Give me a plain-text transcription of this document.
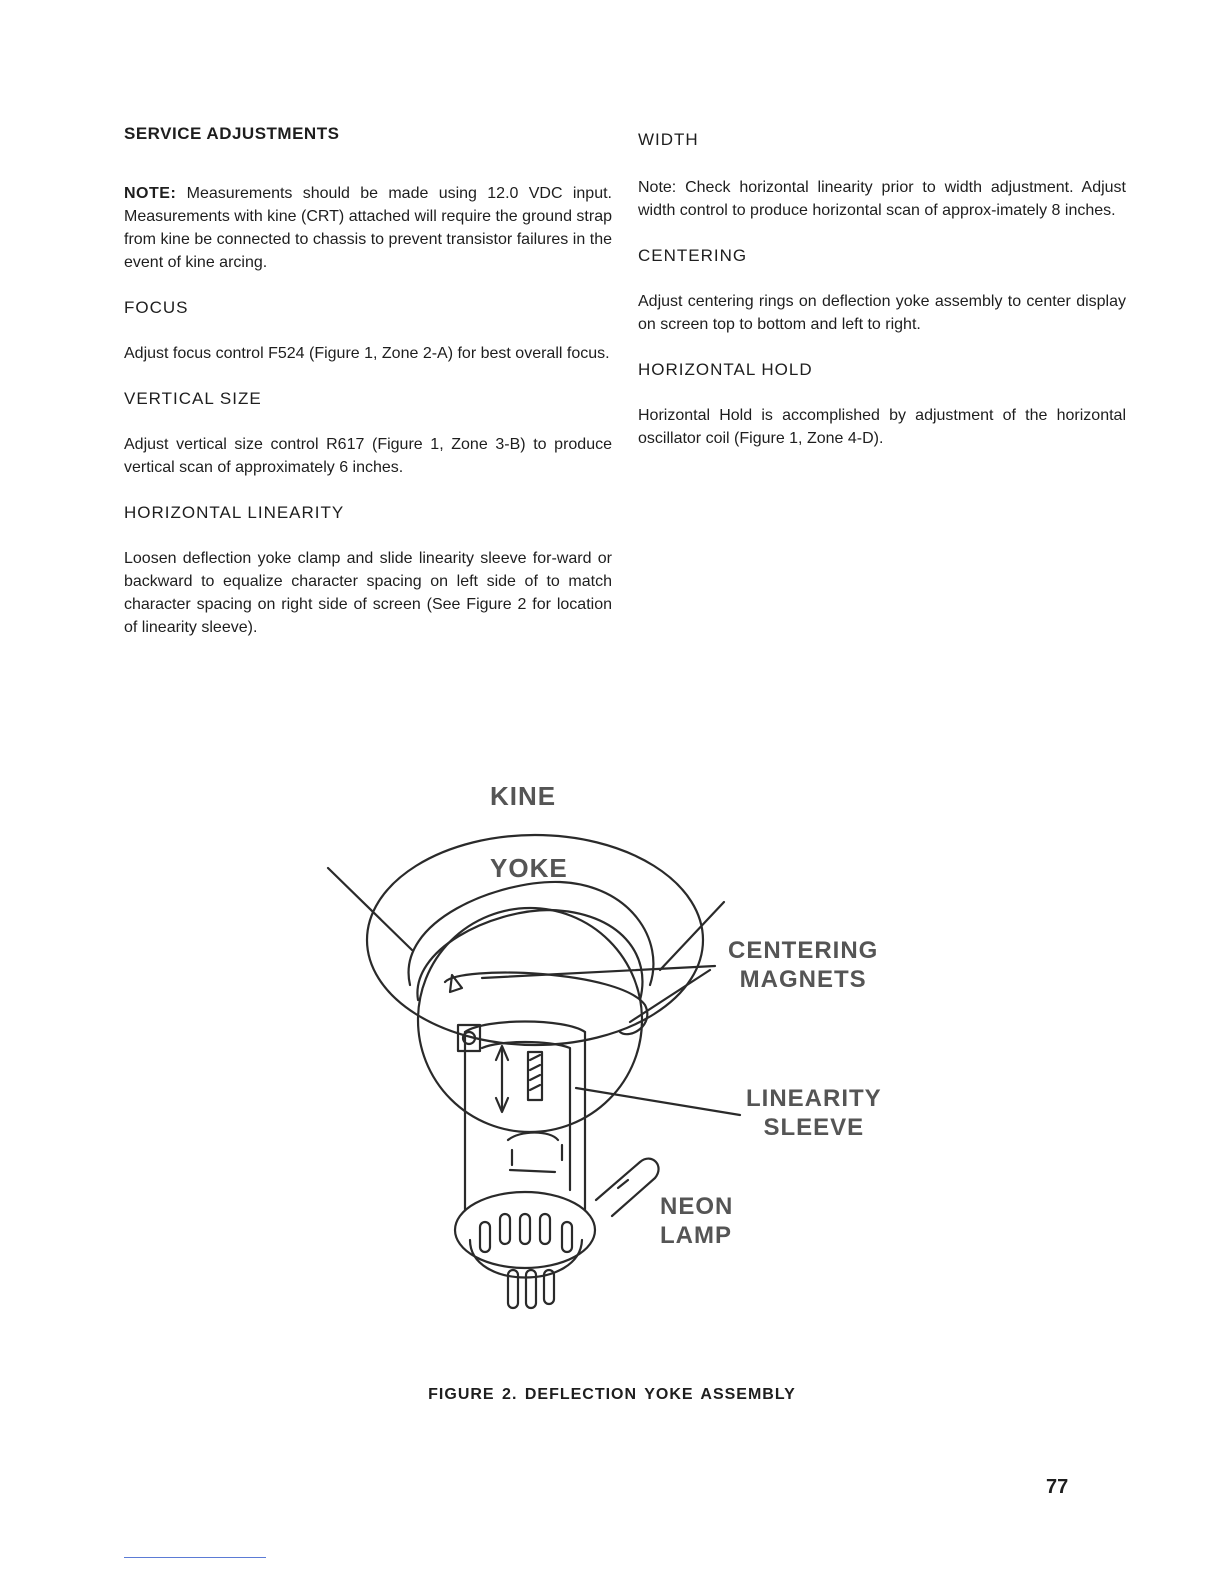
SERVICE ADJUSTMENTS

NOTE: Measurements should be made using 12.0 VDC input. Measurements with kine (CRT) attached will require the ground strap from kine be connected to chassis to prevent transistor failures in the event of kine arcing.

FOCUS

Adjust focus control F524 (Figure 1, Zone 2-A) for best overall focus.

VERTICAL SIZE

Adjust vertical size control R617 (Figure 1, Zone 3-B) to produce vertical scan of approximately 6 inches.

HORIZONTAL LINEARITY

Loosen deflection yoke clamp and slide linearity sleeve for-ward or backward to equalize character spacing on left side of to match character spacing on right side of screen (See Figure 2 for location of linearity sleeve).

WIDTH

Note: Check horizontal linearity prior to width adjustment. Adjust width control to produce horizontal scan of approx-imately 8 inches.

CENTERING

Adjust centering rings on deflection yoke assembly to center display on screen top to bottom and left to right.

HORIZONTAL HOLD

Horizontal Hold is accomplished by adjustment of the horizontal oscillator coil (Figure 1, Zone 4-D).

KINE
YOKE
CENTERING
MAGNETS
LINEARITY
SLEEVE
NEON
LAMP
FIGURE 2. DEFLECTION YOKE ASSEMBLY
77
